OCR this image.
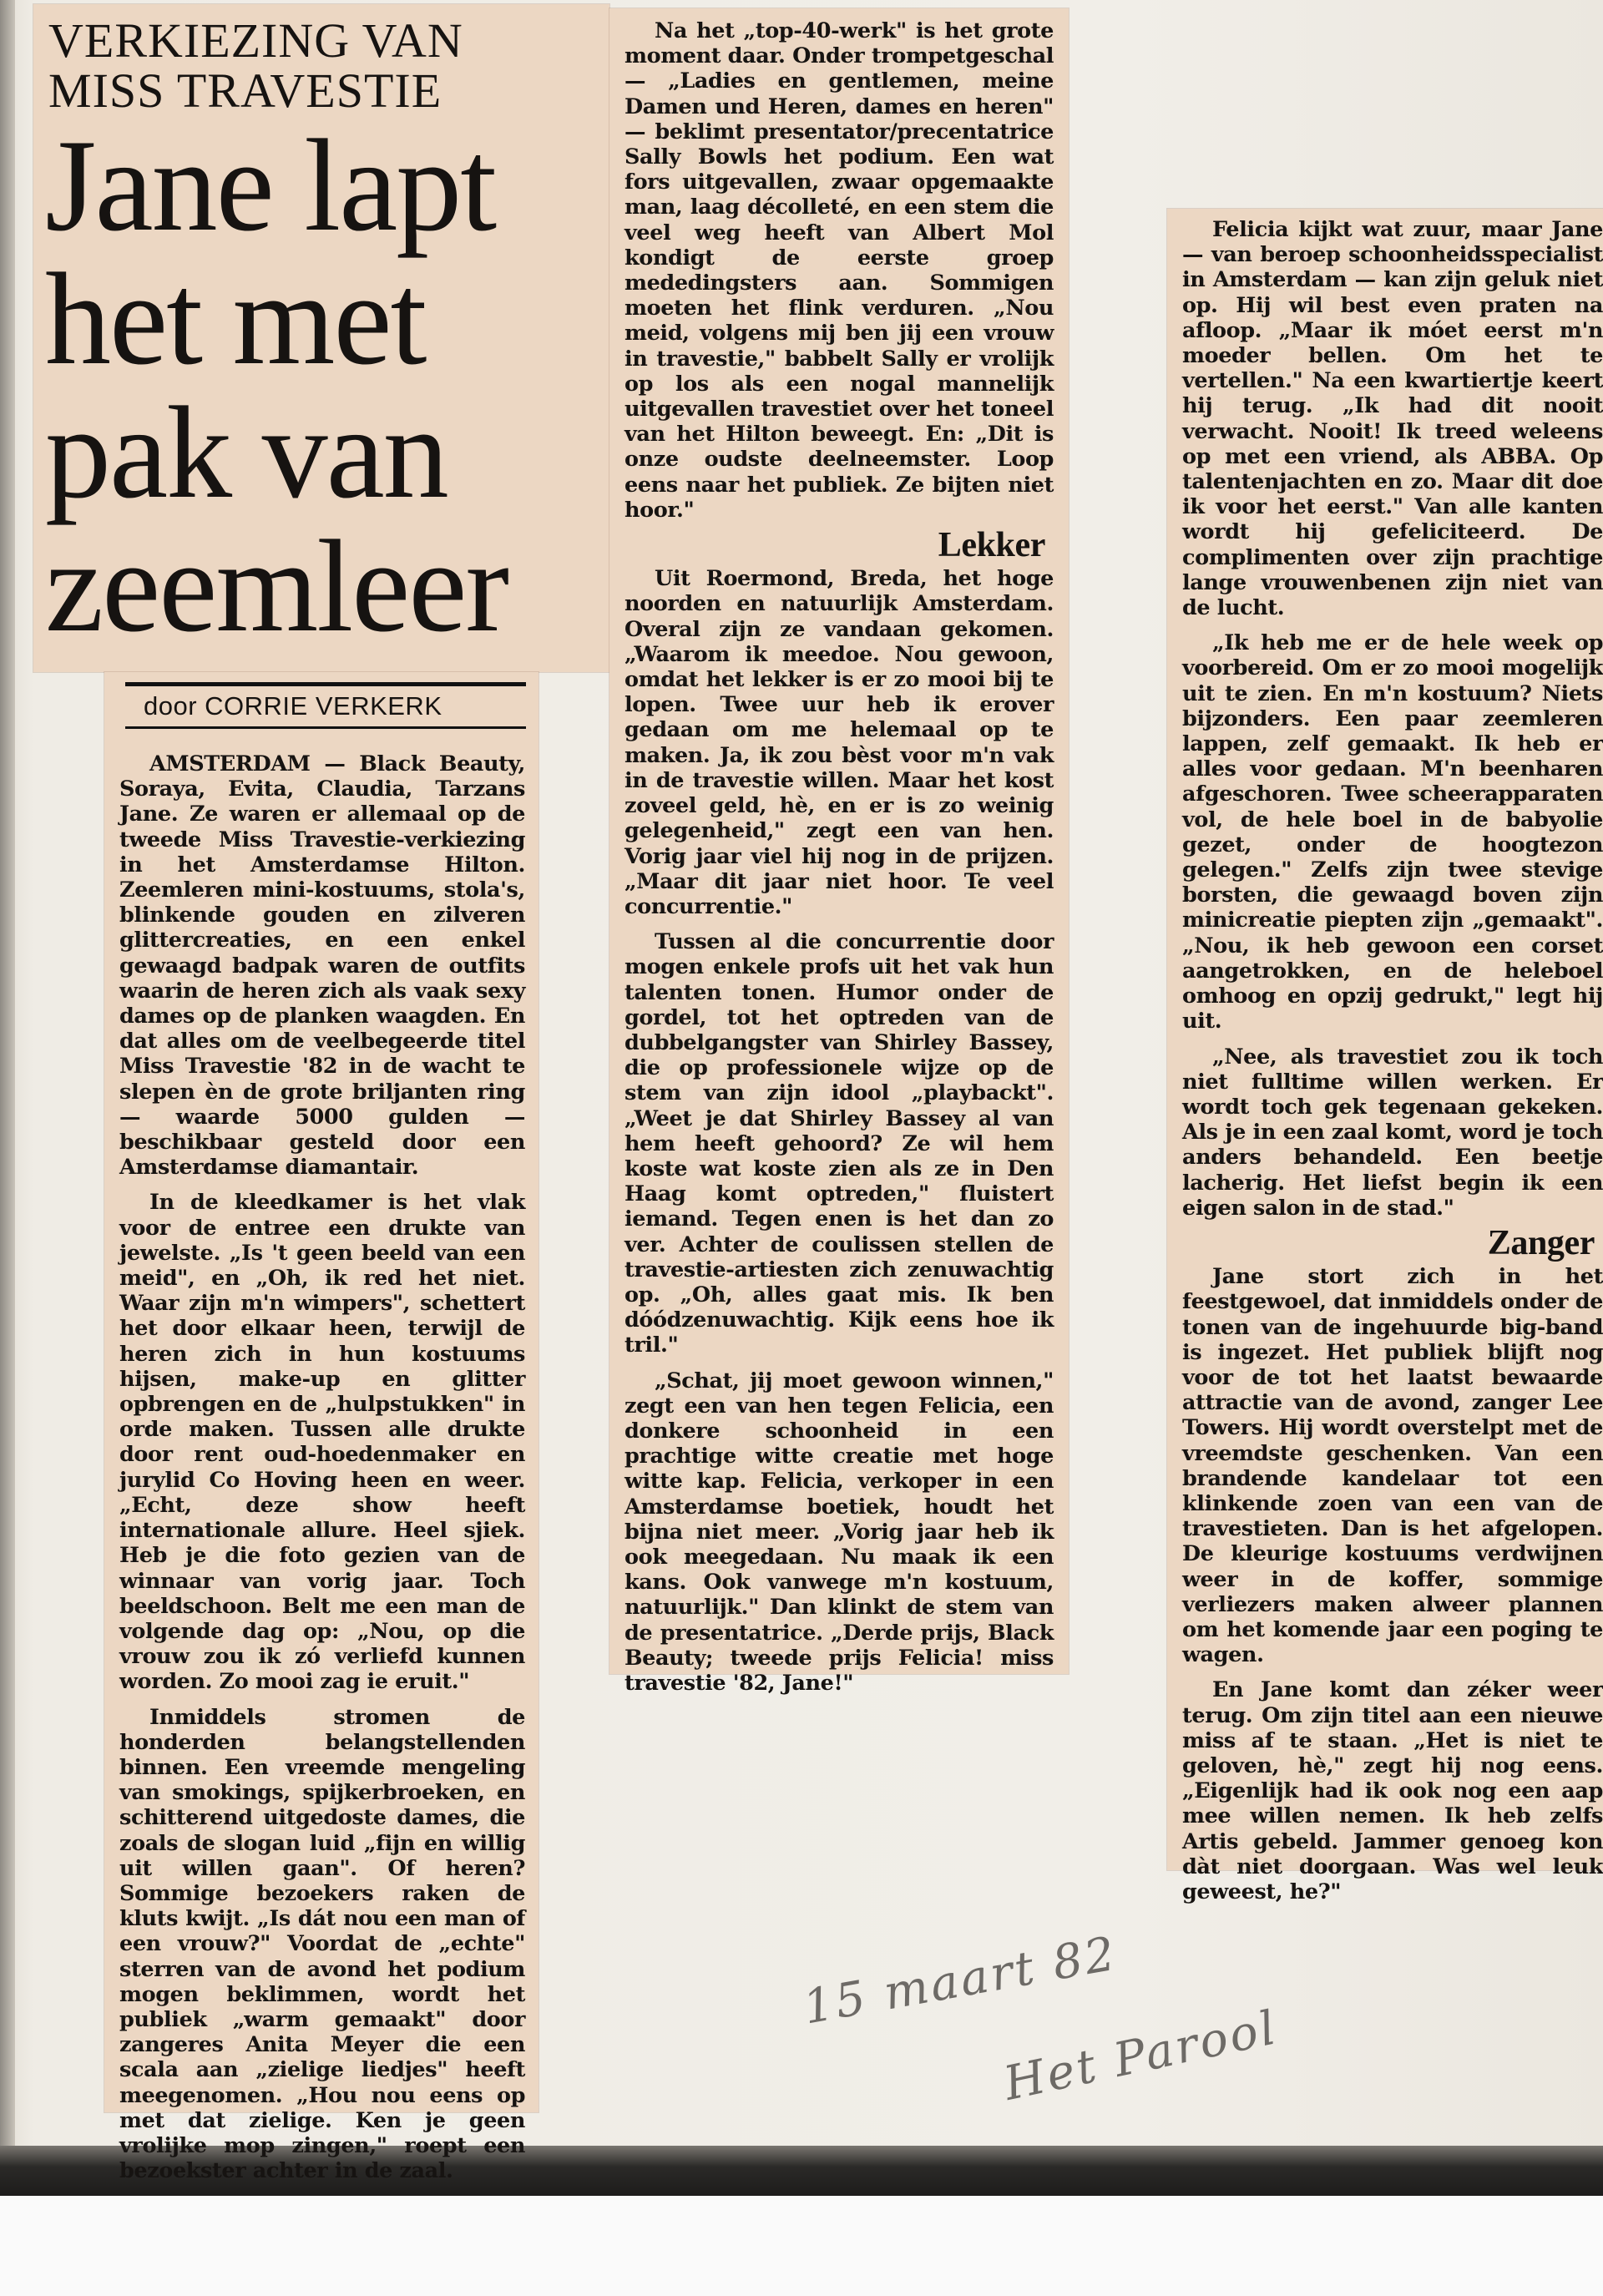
VERKIEZING VAN MISS TRAVESTIE
Jane lapt het met pak van zeemleer
door CORRIE VERKERK

AMSTERDAM — Black Beauty, Soraya, Evita, Claudia, Tarzans Jane. Ze waren er allemaal op de tweede Miss Travestie-verkiezing in het Amsterdamse Hilton. Zeemleren mini-kostuums, stola's, blinkende gouden en zilveren glittercreaties, en een enkel gewaagd badpak waren de outfits waarin de heren zich als vaak sexy dames op de planken waagden. En dat alles om de veelbegeerde titel Miss Travestie '82 in de wacht te slepen èn de grote briljanten ring — waarde 5000 gulden — beschikbaar gesteld door een Amsterdamse diamantair.

In de kleedkamer is het vlak voor de entree een drukte van jewelste. „Is 't geen beeld van een meid", en „Oh, ik red het niet. Waar zijn m'n wimpers", schettert het door elkaar heen, terwijl de heren zich in hun kostuums hijsen, make-up en glitter opbrengen en de „hulpstukken" in orde maken. Tussen alle drukte door rent oud-hoedenmaker en jurylid Co Hoving heen en weer. „Echt, deze show heeft internationale allure. Heel sjiek. Heb je die foto gezien van de winnaar van vorig jaar. Toch beeldschoon. Belt me een man de volgende dag op: „Nou, op die vrouw zou ik zó verliefd kunnen worden. Zo mooi zag ie eruit."

Inmiddels stromen de honderden belangstellenden binnen. Een vreemde mengeling van smokings, spijkerbroeken, en schitterend uitgedoste dames, die zoals de slogan luid „fijn en willig uit willen gaan". Of heren? Sommige bezoekers raken de kluts kwijt. „Is dát nou een man of een vrouw?" Voordat de „echte" sterren van de avond het podium mogen beklimmen, wordt het publiek „warm gemaakt" door zangeres Anita Meyer die een scala aan „zielige liedjes" heeft meegenomen. „Hou nou eens op met dat zielige. Ken je geen vrolijke mop zingen," roept een bezoekster achter in de zaal.

Na het „top-40-werk" is het grote moment daar. Onder trompetgeschal — „Ladies en gentlemen, meine Damen und Heren, dames en heren" — beklimt presentator/precentatrice Sally Bowls het podium. Een wat fors uitgevallen, zwaar opgemaakte man, laag décolleté, en een stem die veel weg heeft van Albert Mol kondigt de eerste groep mededingsters aan. Sommigen moeten het flink verduren. „Nou meid, volgens mij ben jij een vrouw in travestie," babbelt Sally er vrolijk op los als een nogal mannelijk uitgevallen travestiet over het toneel van het Hilton beweegt. En: „Dit is onze oudste deelneemster. Loop eens naar het publiek. Ze bijten niet hoor."

Lekker

Uit Roermond, Breda, het hoge noorden en natuurlijk Amsterdam. Overal zijn ze vandaan gekomen. „Waarom ik meedoe. Nou gewoon, omdat het lekker is er zo mooi bij te lopen. Twee uur heb ik erover gedaan om me helemaal op te maken. Ja, ik zou bèst voor m'n vak in de travestie willen. Maar het kost zoveel geld, hè, en er is zo weinig gelegenheid," zegt een van hen. Vorig jaar viel hij nog in de prijzen. „Maar dit jaar niet hoor. Te veel concurrentie."

Tussen al die concurrentie door mogen enkele profs uit het vak hun talenten tonen. Humor onder de gordel, tot het optreden van de dubbelgangster van Shirley Bassey, die op professionele wijze op de stem van zijn idool „playbackt". „Weet je dat Shirley Bassey al van hem heeft gehoord? Ze wil hem koste wat koste zien als ze in Den Haag komt optreden," fluistert iemand. Tegen enen is het dan zo ver. Achter de coulissen stellen de travestie-artiesten zich zenuwachtig op. „Oh, alles gaat mis. Ik ben dóódzenuwachtig. Kijk eens hoe ik tril."

„Schat, jij moet gewoon winnen," zegt een van hen tegen Felicia, een donkere schoonheid in een prachtige witte creatie met hoge witte kap. Felicia, verkoper in een Amsterdamse boetiek, houdt het bijna niet meer. „Vorig jaar heb ik ook meegedaan. Nu maak ik een kans. Ook vanwege m'n kostuum, natuurlijk." Dan klinkt de stem van de presentatrice. „Derde prijs, Black Beauty; tweede prijs Felicia! miss travestie '82, Jane!"

Felicia kijkt wat zuur, maar Jane — van beroep schoonheidsspecialist in Amsterdam — kan zijn geluk niet op. Hij wil best even praten na afloop. „Maar ik móet eerst m'n moeder bellen. Om het te vertellen." Na een kwartiertje keert hij terug. „Ik had dit nooit verwacht. Nooit! Ik treed weleens op met een vriend, als ABBA. Op talentenjachten en zo. Maar dit doe ik voor het eerst." Van alle kanten wordt hij gefeliciteerd. De complimenten over zijn prachtige lange vrouwenbenen zijn niet van de lucht.

„Ik heb me er de hele week op voorbereid. Om er zo mooi mogelijk uit te zien. En m'n kostuum? Niets bijzonders. Een paar zeemleren lappen, zelf gemaakt. Ik heb er alles voor gedaan. M'n beenharen afgeschoren. Twee scheerapparaten vol, de hele boel in de babyolie gezet, onder de hoogtezon gelegen." Zelfs zijn twee stevige borsten, die gewaagd boven zijn minicreatie piepten zijn „gemaakt". „Nou, ik heb gewoon een corset aangetrokken, en de heleboel omhoog en opzij gedrukt," legt hij uit.

„Nee, als travestiet zou ik toch niet fulltime willen werken. Er wordt toch gek tegenaan gekeken. Als je in een zaal komt, word je toch anders behandeld. Een beetje lacherig. Het liefst begin ik een eigen salon in de stad."

Zanger

Jane stort zich in het feestgewoel, dat inmiddels onder de tonen van de ingehuurde big-band is ingezet. Het publiek blijft nog voor de tot het laatst bewaarde attractie van de avond, zanger Lee Towers. Hij wordt overstelpt met de vreemdste geschenken. Van een brandende kandelaar tot een klinkende zoen van een van de travestieten. Dan is het afgelopen. De kleurige kostuums verdwijnen weer in de koffer, sommige verliezers maken alweer plannen om het komende jaar een poging te wagen.

En Jane komt dan zéker weer terug. Om zijn titel aan een nieuwe miss af te staan. „Het is niet te geloven, hè," zegt hij nog eens. „Eigenlijk had ik ook nog een aap mee willen nemen. Ik heb zelfs Artis gebeld. Jammer genoeg kon dàt niet doorgaan. Was wel leuk geweest, he?"

15 maart 82
Het Parool
